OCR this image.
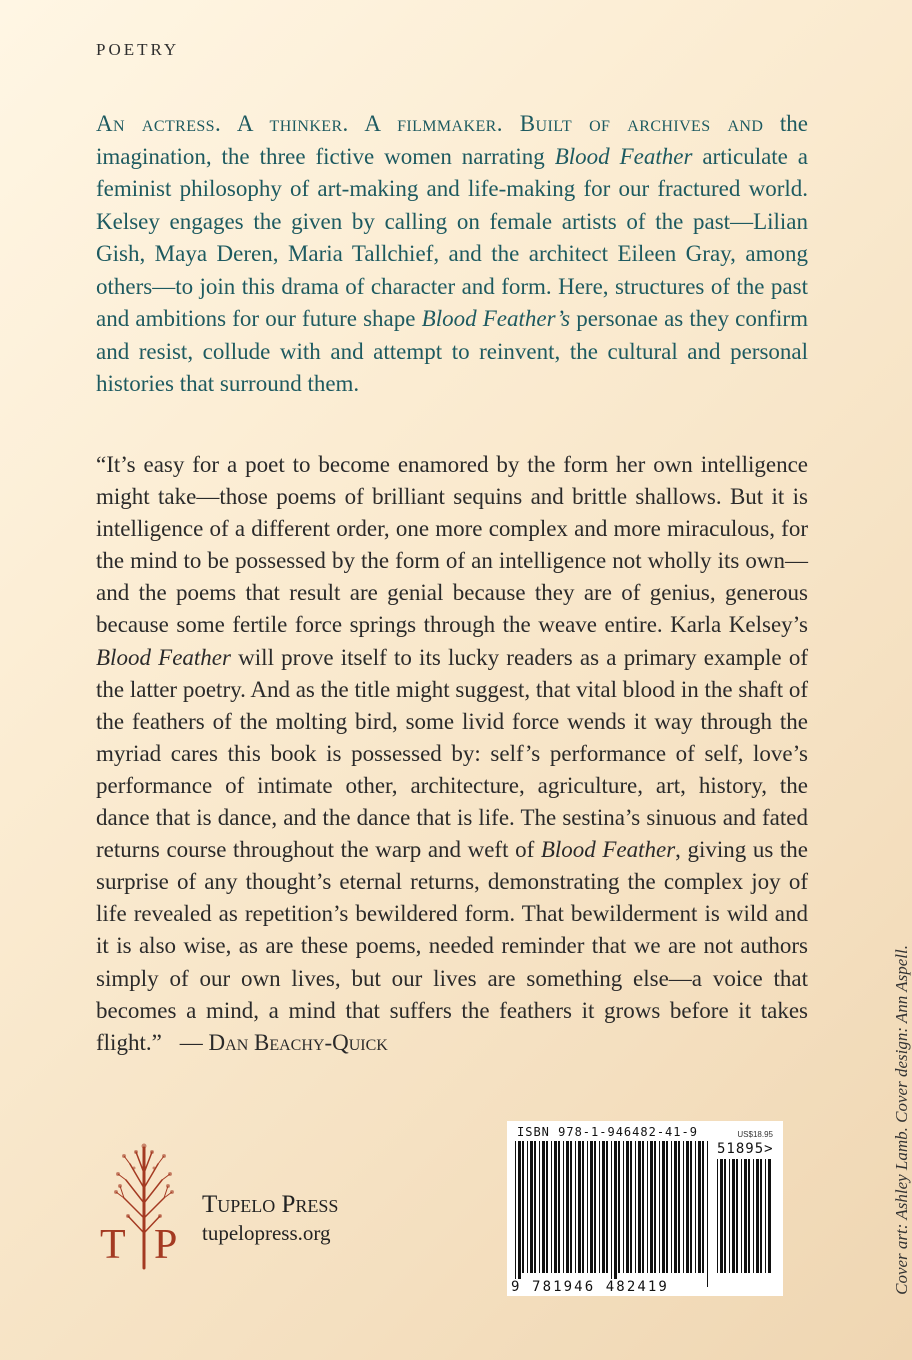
POETRY
An actress. A thinker. A filmmaker. Built of archives and the imagination, the three fictive women narrating Blood Feather articulate a feminist philosophy of art-making and life-making for our fractured world. Kelsey engages the given by calling on female artists of the past—Lilian Gish, Maya Deren, Maria Tallchief, and the architect Eileen Gray, among others—to join this drama of character and form. Here, structures of the past and ambitions for our future shape Blood Feather’s personae as they confirm and resist, collude with and attempt to reinvent, the cultural and personal histories that surround them.
“It’s easy for a poet to become enamored by the form her own intelligence might take—those poems of brilliant sequins and brittle shallows. But it is intelligence of a different order, one more complex and more miraculous, for the mind to be possessed by the form of an intelligence not wholly its own—and the poems that result are genial because they are of genius, generous because some fertile force springs through the weave entire. Karla Kelsey’s Blood Feather will prove itself to its lucky readers as a primary example of the latter poetry. And as the title might suggest, that vital blood in the shaft of the feathers of the molting bird, some livid force wends it way through the myriad cares this book is possessed by: self’s performance of self, love’s performance of intimate other, architecture, agriculture, art, history, the dance that is dance, and the dance that is life. The sestina’s sinuous and fated returns course throughout the warp and weft of Blood Feather, giving us the surprise of any thought’s eternal returns, demonstrating the complex joy of life revealed as repetition’s bewildered form. That bewilderment is wild and it is also wise, as are these poems, needed reminder that we are not authors simply of our own lives, but our lives are something else—a voice that becomes a mind, a mind that suffers the feathers it grows before it takes flight.” — Dan Beachy-Quick
T P
Tupelo Press
tupelopress.org
ISBN 978-1-946482-41-9	US$18.95
51895>
9 781946 482419	Cover art: Ashley Lamb. Cover design: Ann Aspell.
